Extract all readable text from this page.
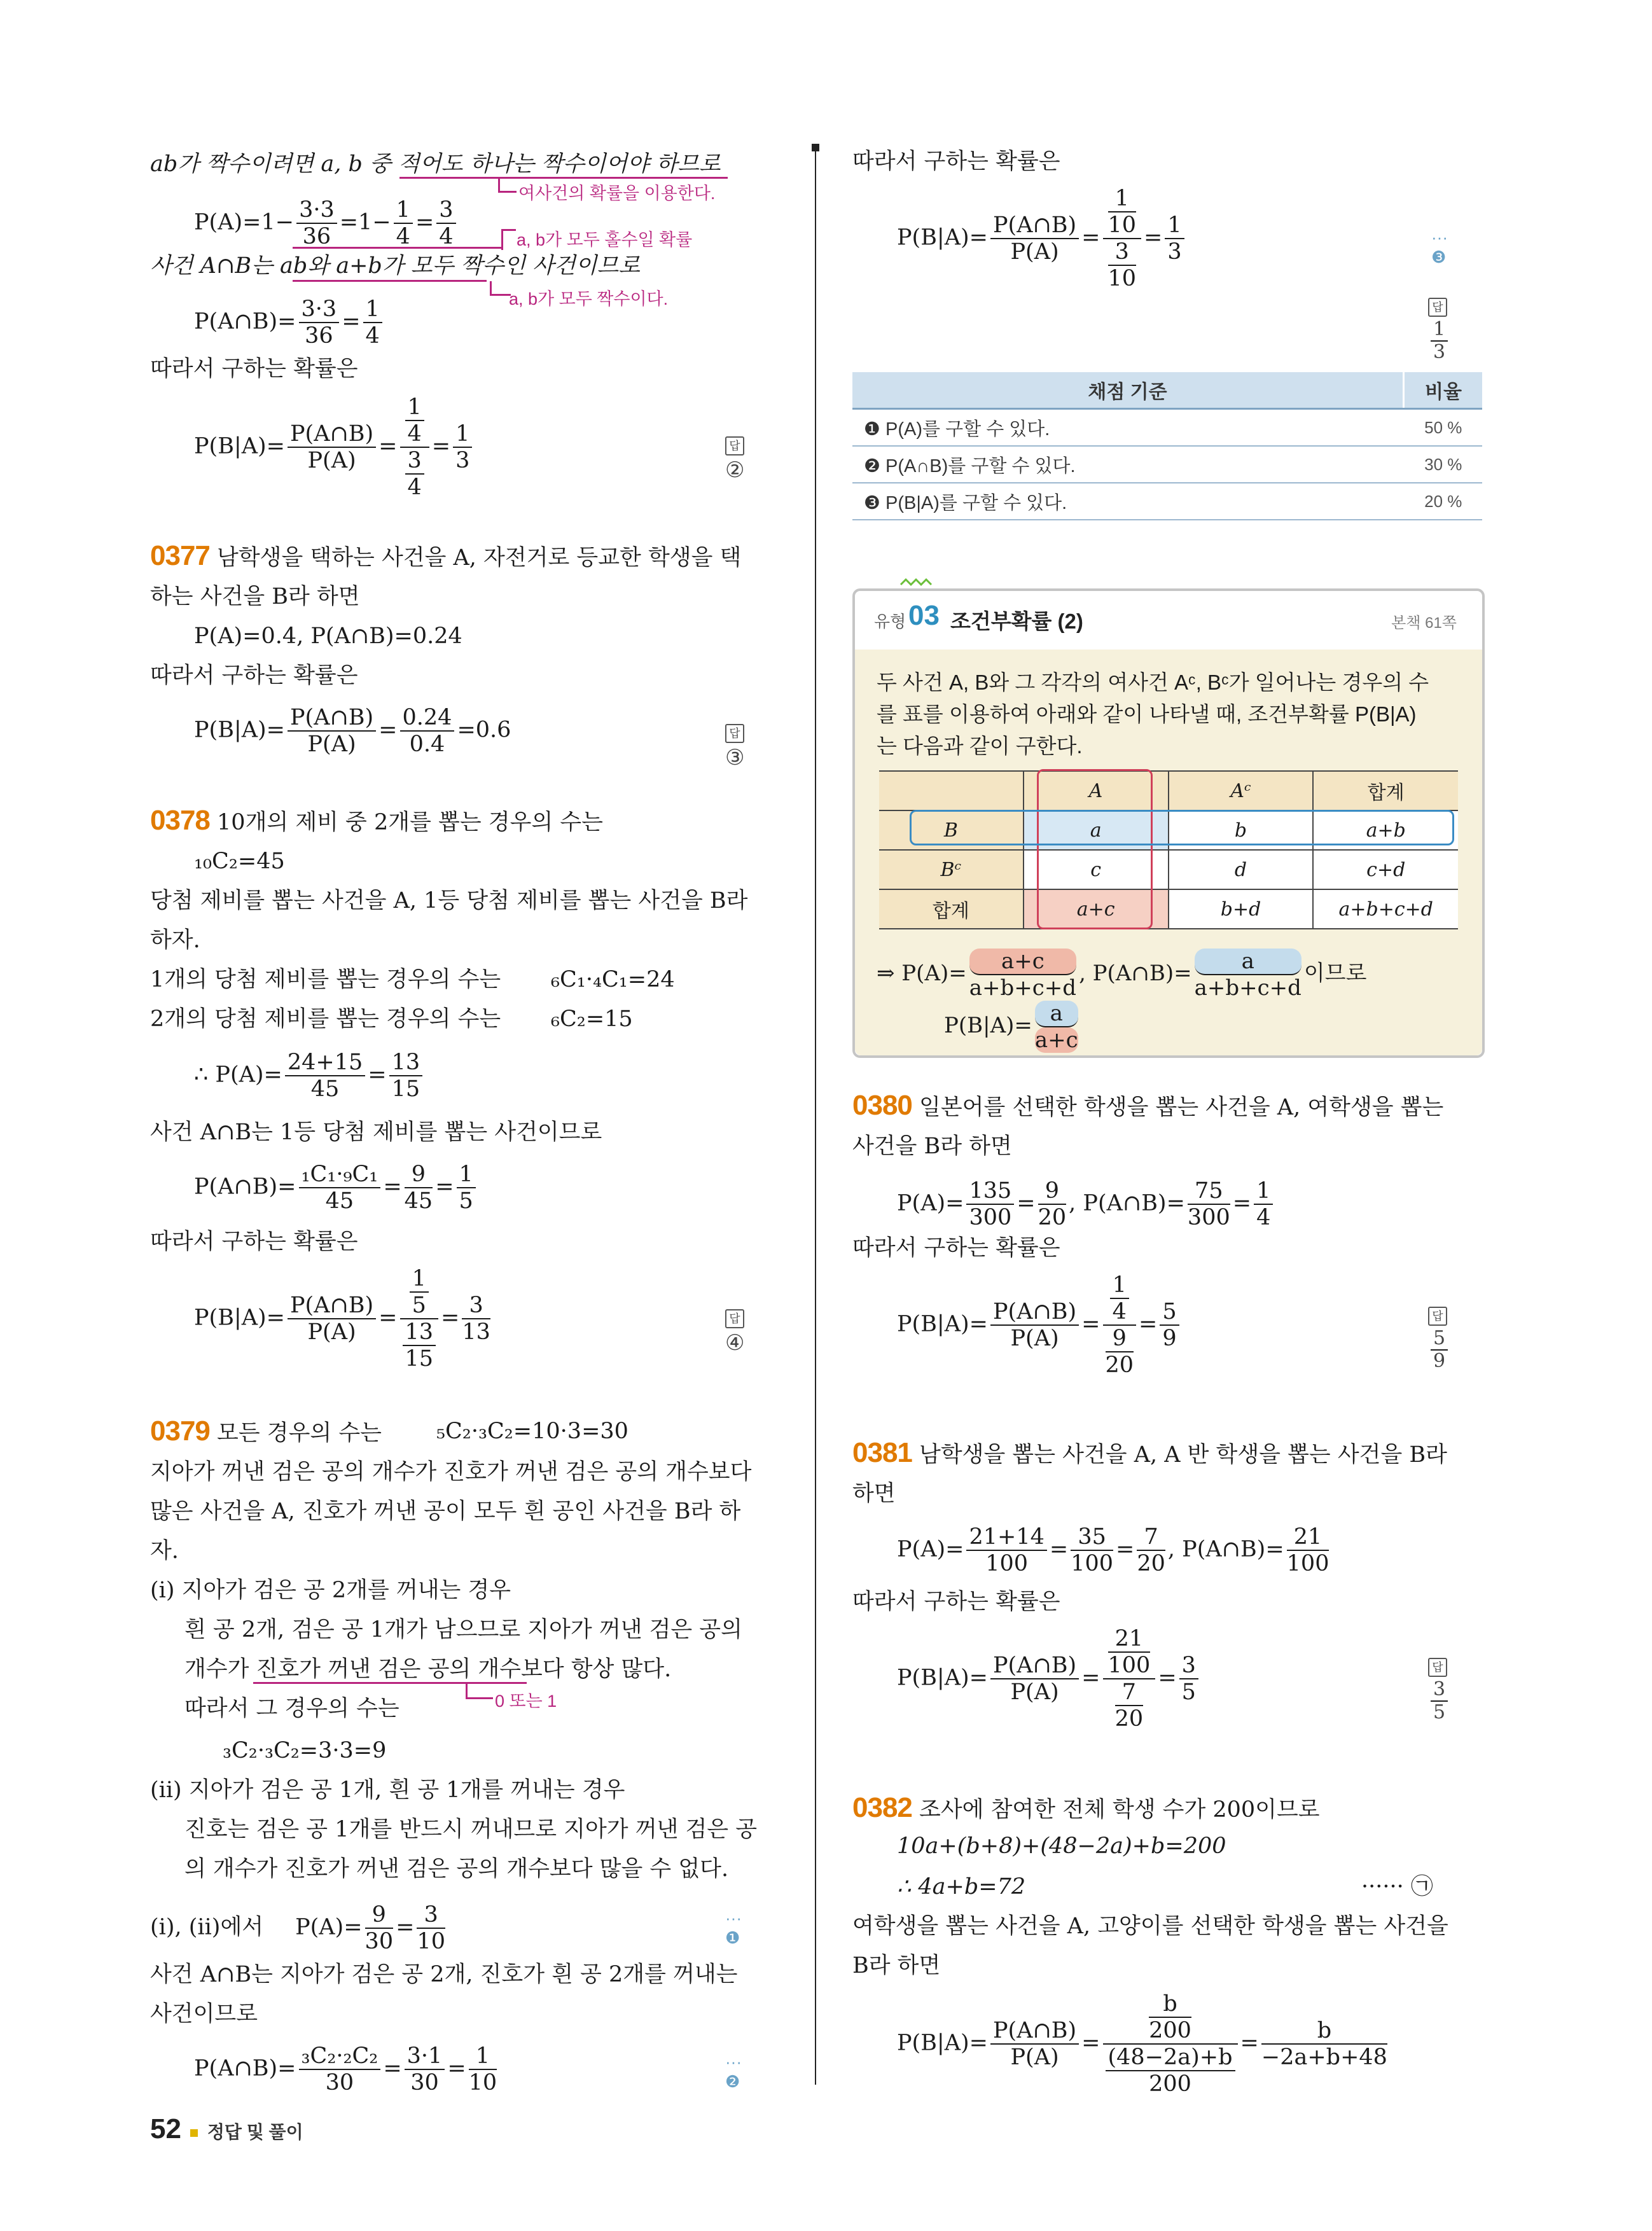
ab가 짝수이려면 a, b 중 적어도 하나는 짝수이어야 하므로
여사건의 확률을 이용한다.
$P(A)=1- \frac{3\cdot 3}{36} =1- \frac{1}{4} = \frac{3}{4}$	a, b가 모두 홀수일 확률
사건 A∩B는 ab와 a+b가 모두 짝수인 사건이므로
a, b가 모두 짝수이다.
P(A∩B)= $\frac{3\cdot 3}{36} = \frac{1}{4}$
따라서 구하는 확률은
$P(B|A)= \frac{P(A\cap B)}{P(A)} = \frac{\frac{1}{4}}{\frac{3}{4}} = \frac{1}{3}$	답②
0377 남학생을 택하는 사건을 A, 자전거로 등교한 학생을 택
하는 사건을 B라 하면
P(A)=0.4, P(A∩B)=0.24
따라서 구하는 확률은
$P(B|A)= \frac{P(A\cap B)}{P(A)} = \frac{0.24}{0.4} =0.6$	답③
0378 10개의 제비 중 2개를 뽑는 경우의 수는
₁₀C₂=45
당첨 제비를 뽑는 사건을 A, 1등 당첨 제비를 뽑는 사건을 B라
하자.
1개의 당첨 제비를 뽑는 경우의 수는 ₆C₁·₄C₁=24
2개의 당첨 제비를 뽑는 경우의 수는 ₆C₂=15
∴ $P(A)= \frac{24+15}{45} = \frac{13}{15}$
사건 A∩B는 1등 당첨 제비를 뽑는 사건이므로
P(A∩B)= $\frac{\text{₁C₁·₉C₁}}{45} = \frac{9}{45} = \frac{1}{5}$
따라서 구하는 확률은
$P(B|A)= \frac{P(A\cap B)}{P(A)} = \frac{\frac{1}{5}}{\frac{13}{15}} = \frac{3}{13}$	답④
0379 모든 경우의 수는 ₅C₂·₃C₂=10·3=30
지아가 꺼낸 검은 공의 개수가 진호가 꺼낸 검은 공의 개수보다
많은 사건을 A, 진호가 꺼낸 공이 모두 흰 공인 사건을 B라 하
자.
(i) 지아가 검은 공 2개를 꺼내는 경우
흰 공 2개, 검은 공 1개가 남으므로 지아가 꺼낸 검은 공의
개수가 진호가 꺼낸 검은 공의 개수보다 항상 많다.
0 또는 1
따라서 그 경우의 수는
₃C₂·₃C₂=3·3=9
(ii) 지아가 검은 공 1개, 흰 공 1개를 꺼내는 경우
진호는 검은 공 1개를 반드시 꺼내므로 지아가 꺼낸 검은 공
의 개수가 진호가 꺼낸 검은 공의 개수보다 많을 수 없다.
(i), (ii)에서 $P(A)= \frac{9}{30} = \frac{3}{10}$	··· ❶
사건 A∩B는 지아가 검은 공 2개, 진호가 흰 공 2개를 꺼내는
사건이므로
P(A∩B)= $\frac{\text{₃C₂·₂C₂}}{30} = \frac{3\cdot 1}{30} = \frac{1}{10}$	··· ❷
따라서 구하는 확률은
$P(B|A)= \frac{P(A\cap B)}{P(A)} = \frac{\frac{1}{10}}{\frac{3}{10}} = \frac{1}{3}$	··· ❸
답
$\frac{1}{3}$
채점 기준	비율
❶ P(A)를 구할 수 있다.	50 %
❷ P(A∩B)를 구할 수 있다.	30 %
❸ P(B|A)를 구할 수 있다.	20 %
유형 03 조건부확률 (2)	본책 61쪽
두 사건 A, B와 그 각각의 여사건 Aᶜ, Bᶜ가 일어나는 경우의 수
를 표를 이용하여 아래와 같이 나타낼 때, 조건부확률 P(B|A)
는 다음과 같이 구한다.
	A	Aᶜ	합계
B	a	b	a+b
Bᶜ	c	d	c+d
합계	a+c	b+d	a+b+c+d
⇒ $P(A)= \frac{a+c}{a+b+c+d}$ , P(A∩B)= $\frac{a}{a+b+c+d}$ 이므로
$P(B|A)= \frac{a}{a+c}$
0380 일본어를 선택한 학생을 뽑는 사건을 A, 여학생을 뽑는
사건을 B라 하면
$P(A)= \frac{135}{300} = \frac{9}{20}$ , P(A∩B)= $\frac{75}{300} = \frac{1}{4}$
따라서 구하는 확률은
$P(B|A)= \frac{P(A\cap B)}{P(A)} = \frac{\frac{1}{4}}{\frac{9}{20}} = \frac{5}{9}$	답
$\frac{5}{9}$
0381 남학생을 뽑는 사건을 A, A 반 학생을 뽑는 사건을 B라
하면
$P(A)= \frac{21+14}{100} = \frac{35}{100} = \frac{7}{20}$ , P(A∩B)= $\frac{21}{100}$
따라서 구하는 확률은
$P(B|A)= \frac{P(A\cap B)}{P(A)} = \frac{\frac{21}{100}}{\frac{7}{20}} = \frac{3}{5}$	답
$\frac{3}{5}$
0382 조사에 참여한 전체 학생 수가 200이므로
10a+(b+8)+(48−2a)+b=200
∴ 4a+b=72	······ ㉠
여학생을 뽑는 사건을 A, 고양이를 선택한 학생을 뽑는 사건을
B라 하면
$P(B|A)= \frac{P(A\cap B)}{P(A)} = \frac{\frac{b}{200}}{\frac{(48-2a)+b}{200}} = \frac{b}{-2a+b+48}$
52 정답 및 풀이
